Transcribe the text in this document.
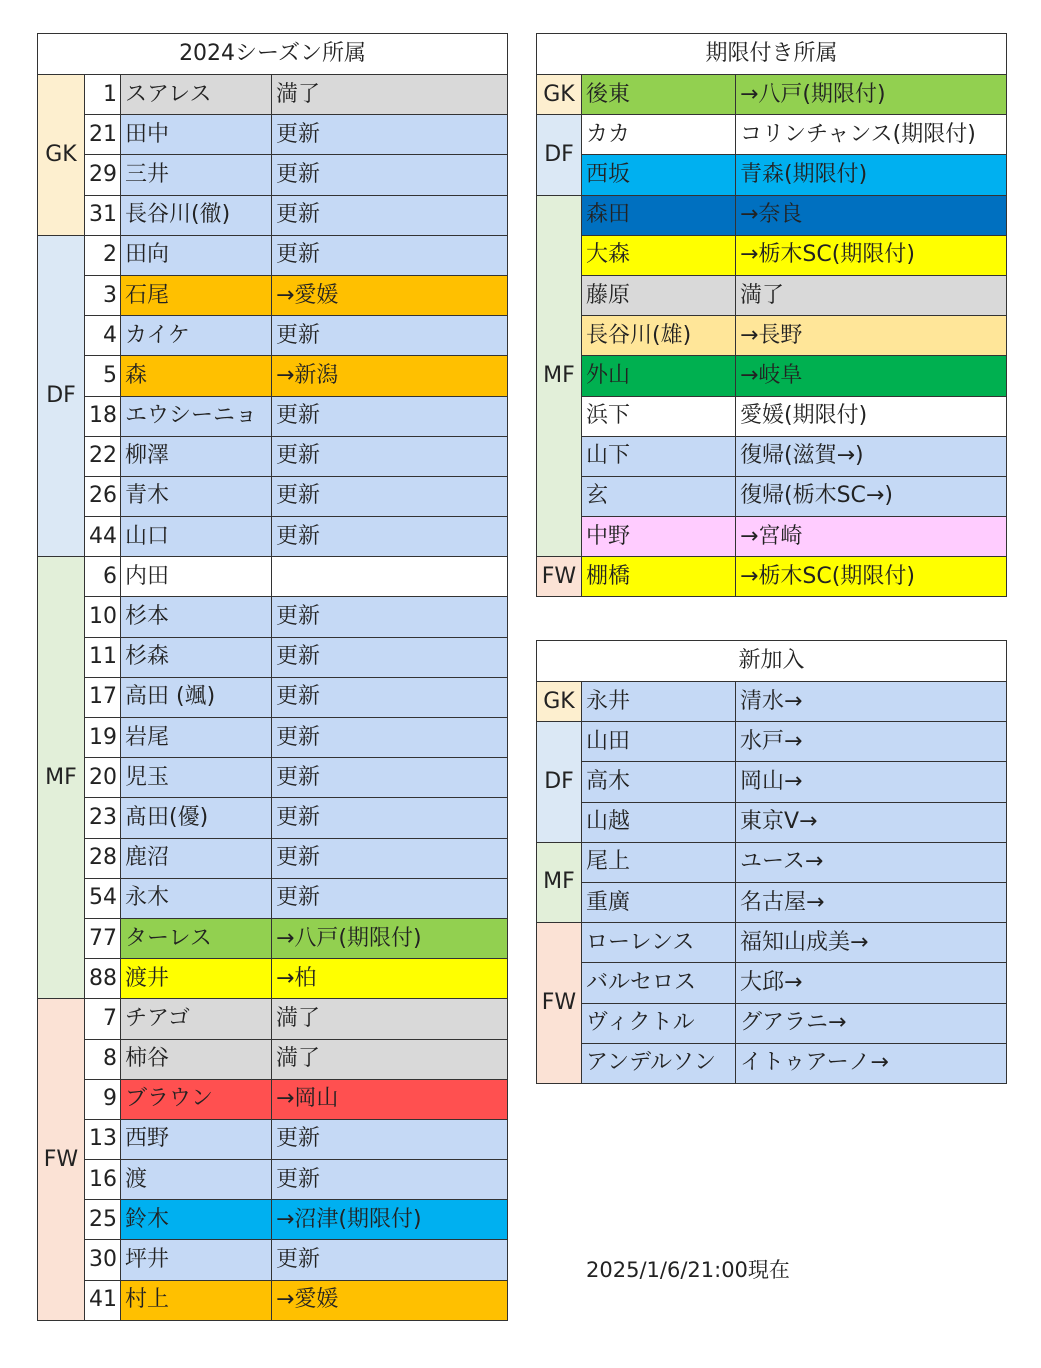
2024シーズン所属			
GK	1	スアレス	満了
	21	田中	更新
	29	三井	更新
	31	長谷川(徹)	更新
DF	2	田向	更新
	3	石尾	→愛媛
	4	カイケ	更新
	5	森	→新潟
	18	エウシーニョ	更新
	22	柳澤	更新
	26	青木	更新
	44	山口	更新
MF	6	内田	
	10	杉本	更新
	11	杉森	更新
	17	高田 (颯)	更新
	19	岩尾	更新
	20	児玉	更新
	23	髙田(優)	更新
	28	鹿沼	更新
	54	永木	更新
	77	ターレス	→八戸(期限付)
	88	渡井	→柏
FW	7	チアゴ	満了
	8	柿谷	満了
	9	ブラウン	→岡山
	13	西野	更新
	16	渡	更新
	25	鈴木	→沼津(期限付)
	30	坪井	更新
	41	村上	→愛媛
期限付き所属		
GK	後東	→八戸(期限付)
DF	カカ	コリンチャンス(期限付)
	西坂	青森(期限付)
MF	森田	→奈良
	大森	→栃木SC(期限付)
	藤原	満了
	長谷川(雄)	→長野
	外山	→岐阜
	浜下	愛媛(期限付)
	山下	復帰(滋賀→)
	玄	復帰(栃木SC→)
	中野	→宮崎
FW	棚橋	→栃木SC(期限付)
新加入		
GK	永井	清水→
DF	山田	水戸→
	高木	岡山→
	山越	東京V→
MF	尾上	ユース→
	重廣	名古屋→
FW	ローレンス	福知山成美→
	バルセロス	大邱→
	ヴィクトル	グアラニ→
	アンデルソン	イトゥアーノ→
2025/1/6/21:00現在
